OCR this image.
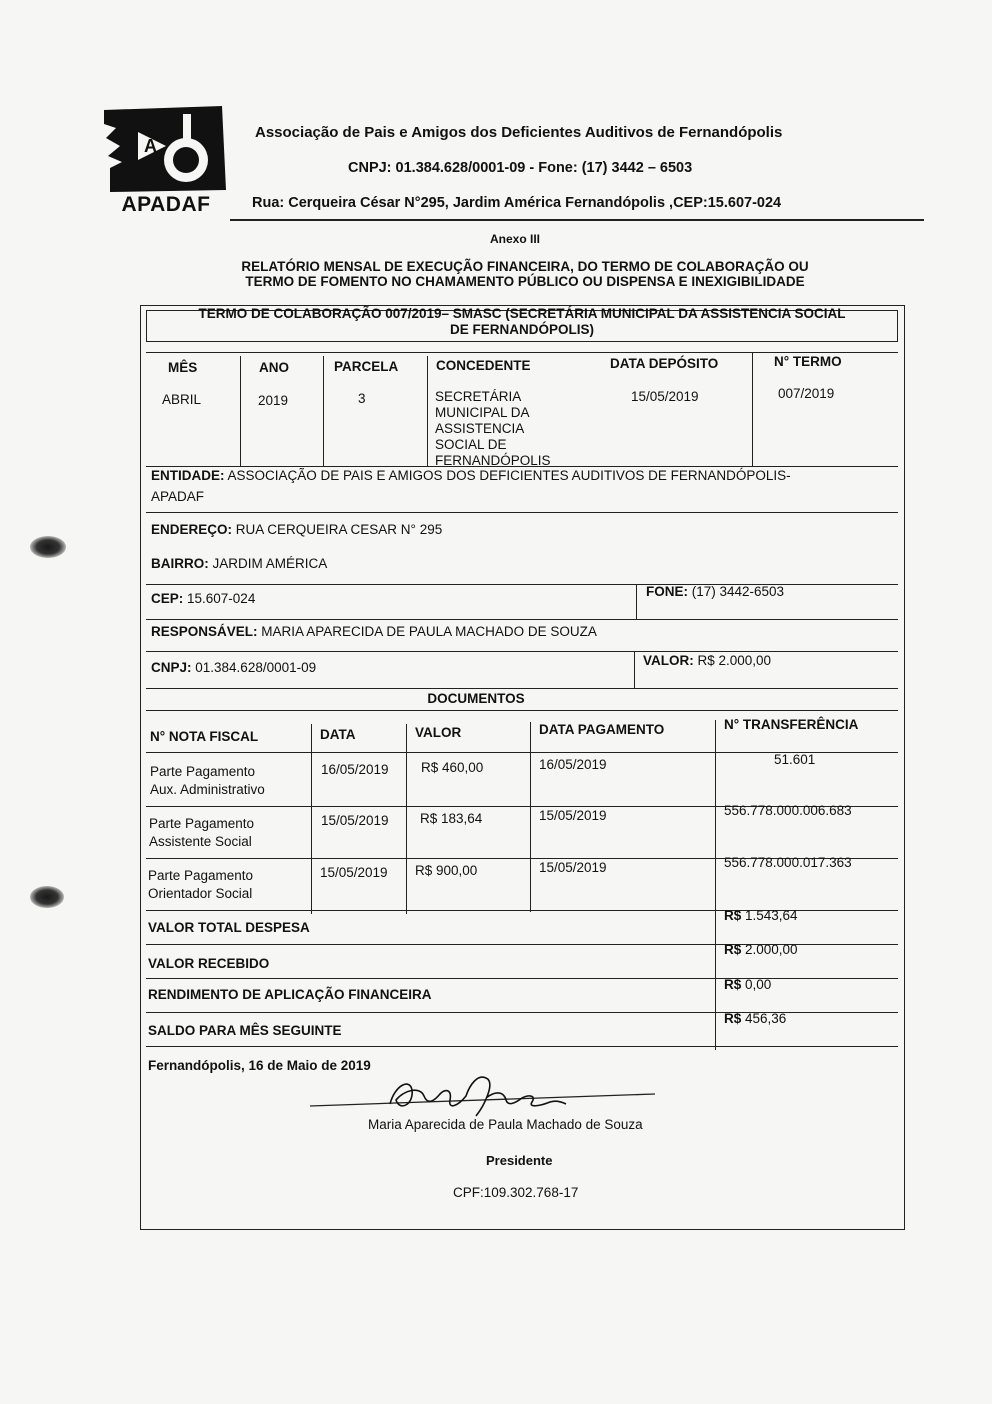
A
APADAF
Associação de Pais e Amigos dos Deficientes Auditivos de Fernandópolis
CNPJ: 01.384.628/0001-09 - Fone: (17) 3442 – 6503
Rua: Cerqueira César N°295, Jardim América Fernandópolis ,CEP:15.607-024
Anexo III
RELATÓRIO MENSAL DE EXECUÇÃO FINANCEIRA, DO TERMO DE COLABORAÇÃO OU
TERMO DE FOMENTO NO CHAMAMENTO PÚBLICO OU DISPENSA E INEXIGIBILIDADE
TERMO DE COLABORAÇÃO 007/2019– SMASC (SECRETÁRIA MUNICIPAL DA ASSISTENCIA SOCIAL
DE FERNANDÓPOLIS)
MÊS	ANO	PARCELA	CONCEDENTE	DATA DEPÓSITO	N° TERMO
ABRIL	2019	3	SECRETÁRIA
MUNICIPAL DA
ASSISTENCIA
SOCIAL DE
FERNANDÓPOLIS
15/05/2019	007/2019
ENTIDADE: ASSOCIAÇÃO DE PAIS E AMIGOS DOS DEFICIENTES AUDITIVOS DE FERNANDÓPOLIS-
APADAF
ENDEREÇO: RUA CERQUEIRA CESAR N° 295
BAIRRO: JARDIM AMÉRICA
CEP: 15.607-024	FONE: (17) 3442-6503
RESPONSÁVEL: MARIA APARECIDA DE PAULA MACHADO DE SOUZA
CNPJ: 01.384.628/0001-09	VALOR: R$ 2.000,00
DOCUMENTOS
N° NOTA FISCAL	DATA	VALOR	DATA PAGAMENTO	N° TRANSFERÊNCIA
Parte Pagamento
Aux. Administrativo
16/05/2019 R$ 460,00	16/05/2019	51.601
Parte Pagamento
Assistente Social
15/05/2019 R$ 183,64	15/05/2019	556.778.000.006.683
Parte Pagamento
Orientador Social
15/05/2019 R$ 900,00	15/05/2019	556.778.000.017.363
VALOR TOTAL DESPESA
R$ 1.543,64
VALOR RECEBIDO
R$ 2.000,00
RENDIMENTO DE APLICAÇÃO FINANCEIRA
R$ 0,00
SALDO PARA MÊS SEGUINTE
R$ 456,36
Fernandópolis, 16 de Maio de 2019
Maria Aparecida de Paula Machado de Souza
Presidente
CPF:109.302.768-17
